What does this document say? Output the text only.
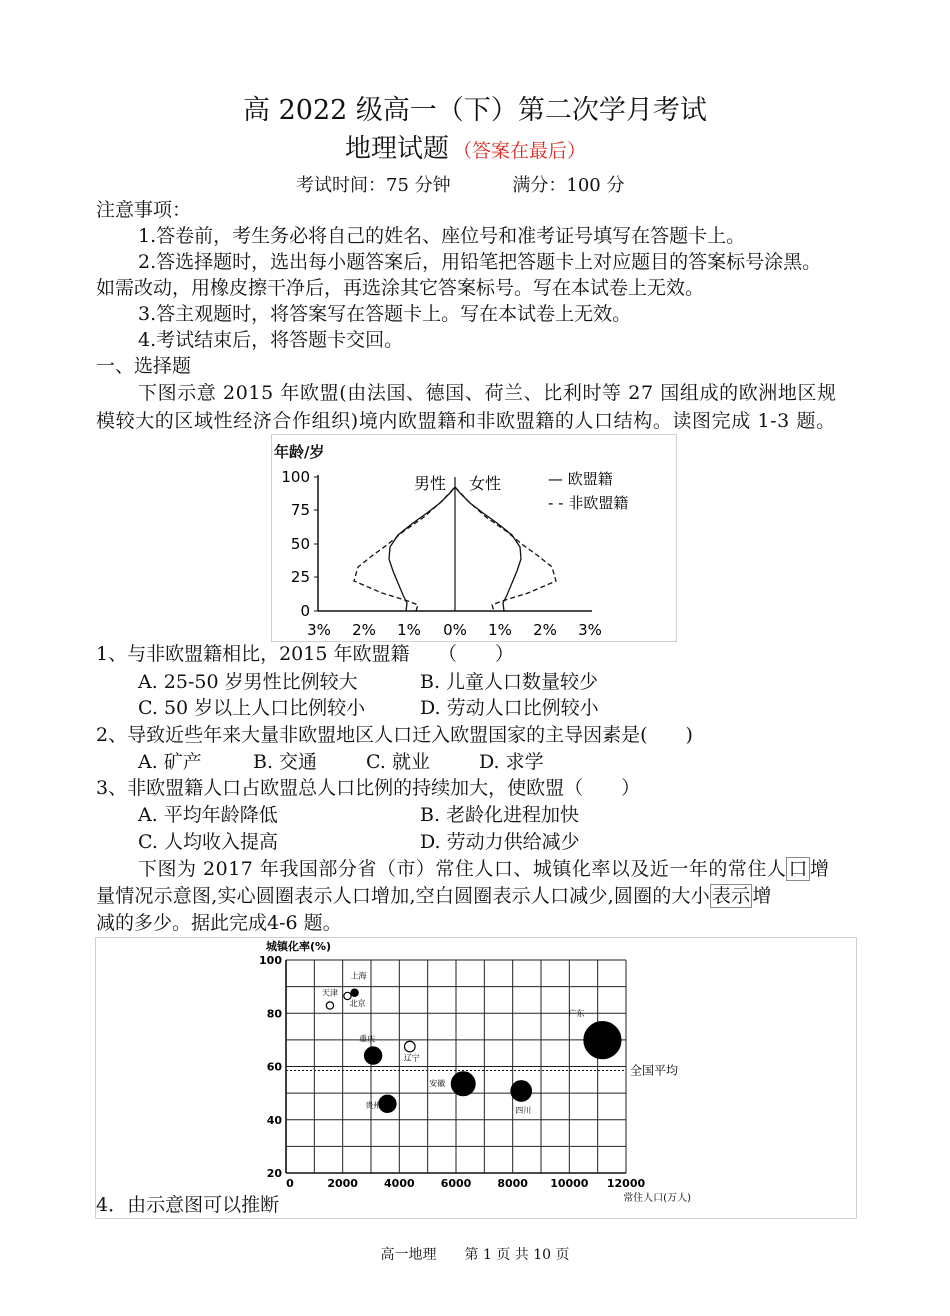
高 2022 级高一（下）第二次学月考试
地理试题 （答案在最后）
考试时间：75 分钟	满分：100 分
注意事项：
1.答卷前，考生务必将自己的姓名、座位号和准考证号填写在答题卡上。
2.答选择题时，选出每小题答案后，用铅笔把答题卡上对应题目的答案标号涂黑。
如需改动，用橡皮擦干净后，再选涂其它答案标号。写在本试卷上无效。
3.答主观题时，将答案写在答题卡上。写在本试卷上无效。
4.考试结束后，将答题卡交回。
一、选择题
下图示意 2015 年欧盟(由法国、德国、荷兰、比利时等 27 国组成的欧洲地区规
模较大的区域性经济合作组织)境内欧盟籍和非欧盟籍的人口结构。读图完成 1-3 题。
年龄/岁
100
75
50
25
0
3% 2% 1% 0% 1% 2% 3%
男性 女性	— 欧盟籍
- - 非欧盟籍
1、与非欧盟籍相比，2015 年欧盟籍　　（　　）
A. 25-50 岁男性比例较大	B. 儿童人口数量较少
C. 50 岁以上人口比例较小	D. 劳动人口比例较小
2、导致近些年来大量非欧盟地区人口迁入欧盟国家的主导因素是(　　)
A. 矿产	B. 交通	C. 就业	D. 求学
3、非欧盟籍人口占欧盟总人口比例的持续加大，使欧盟（　　）
A. 平均年龄降低	B. 老龄化进程加快
C. 人均收入提高	D. 劳动力供给减少
下图为 2017 年我国部分省（市）常住人口、城镇化率以及近一年的常住人 口 增
量情况示意图,实心圆圈表示人口增加,空白圆圈表示人口减少,圆圈的大小 表示 增
减的多少。据此完成4-6 题。
城镇化率(%)
天津
上海
北京
重庆
辽宁
贵州
安徽
四川
广东
全国平均
100
80
60
40
20
0	2000 4000 6000 8000 10000 12000
常住人口(万人)
4．由示意图可以推断
高一地理　　第 1 页 共 10 页
